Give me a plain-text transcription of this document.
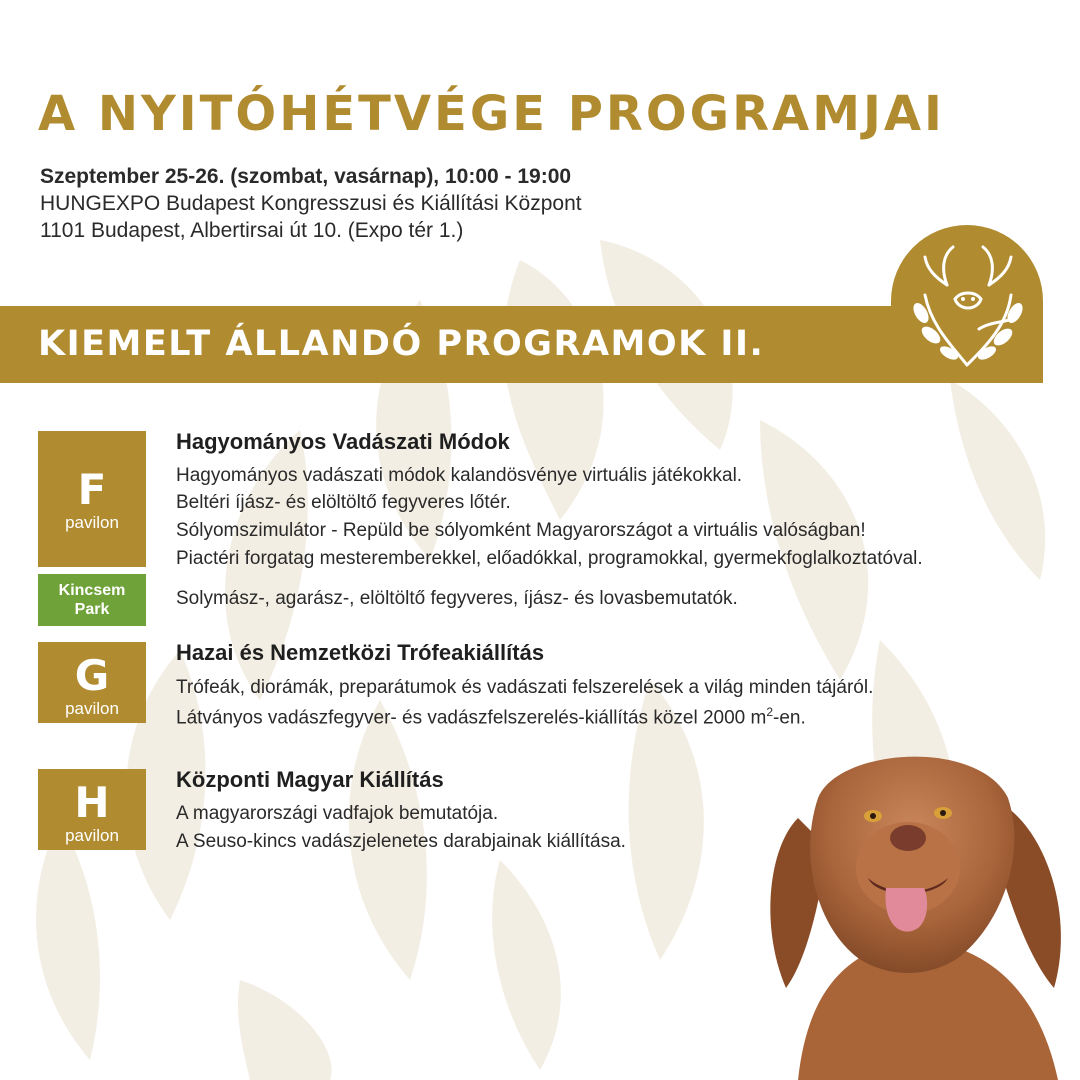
A NYITÓHÉTVÉGE PROGRAMJAI
Szeptember 25-26. (szombat, vasárnap), 10:00 - 19:00
HUNGEXPO Budapest Kongresszusi és Kiállítási Központ
1101 Budapest, Albertirsai út 10. (Expo tér 1.)
KIEMELT ÁLLANDÓ PROGRAMOK II.
F
pavilon
Hagyományos Vadászati Módok
Hagyományos vadászati módok kalandösvénye virtuális játékokkal.
Beltéri íjász- és elöltöltő fegyveres lőtér.
Sólyomszimulátor - Repüld be sólyomként Magyarországot a virtuális valóságban!
Piactéri forgatag mesteremberekkel, előadókkal, programokkal, gyermekfoglalkoztatóval.
Kincsem
Park
Solymász-, agarász-, elöltöltő fegyveres, íjász- és lovasbemutatók.
G
pavilon
Hazai és Nemzetközi Trófeakiállítás
Trófeák, diorámák, preparátumok és vadászati felszerelések a világ minden tájáról.
Látványos vadászfegyver- és vadászfelszerelés-kiállítás közel 2000 $m^2-en$.
H
pavilon
Központi Magyar Kiállítás
A magyarországi vadfajok bemutatója.
A Seuso-kincs vadászjelenetes darabjainak kiállítása.
